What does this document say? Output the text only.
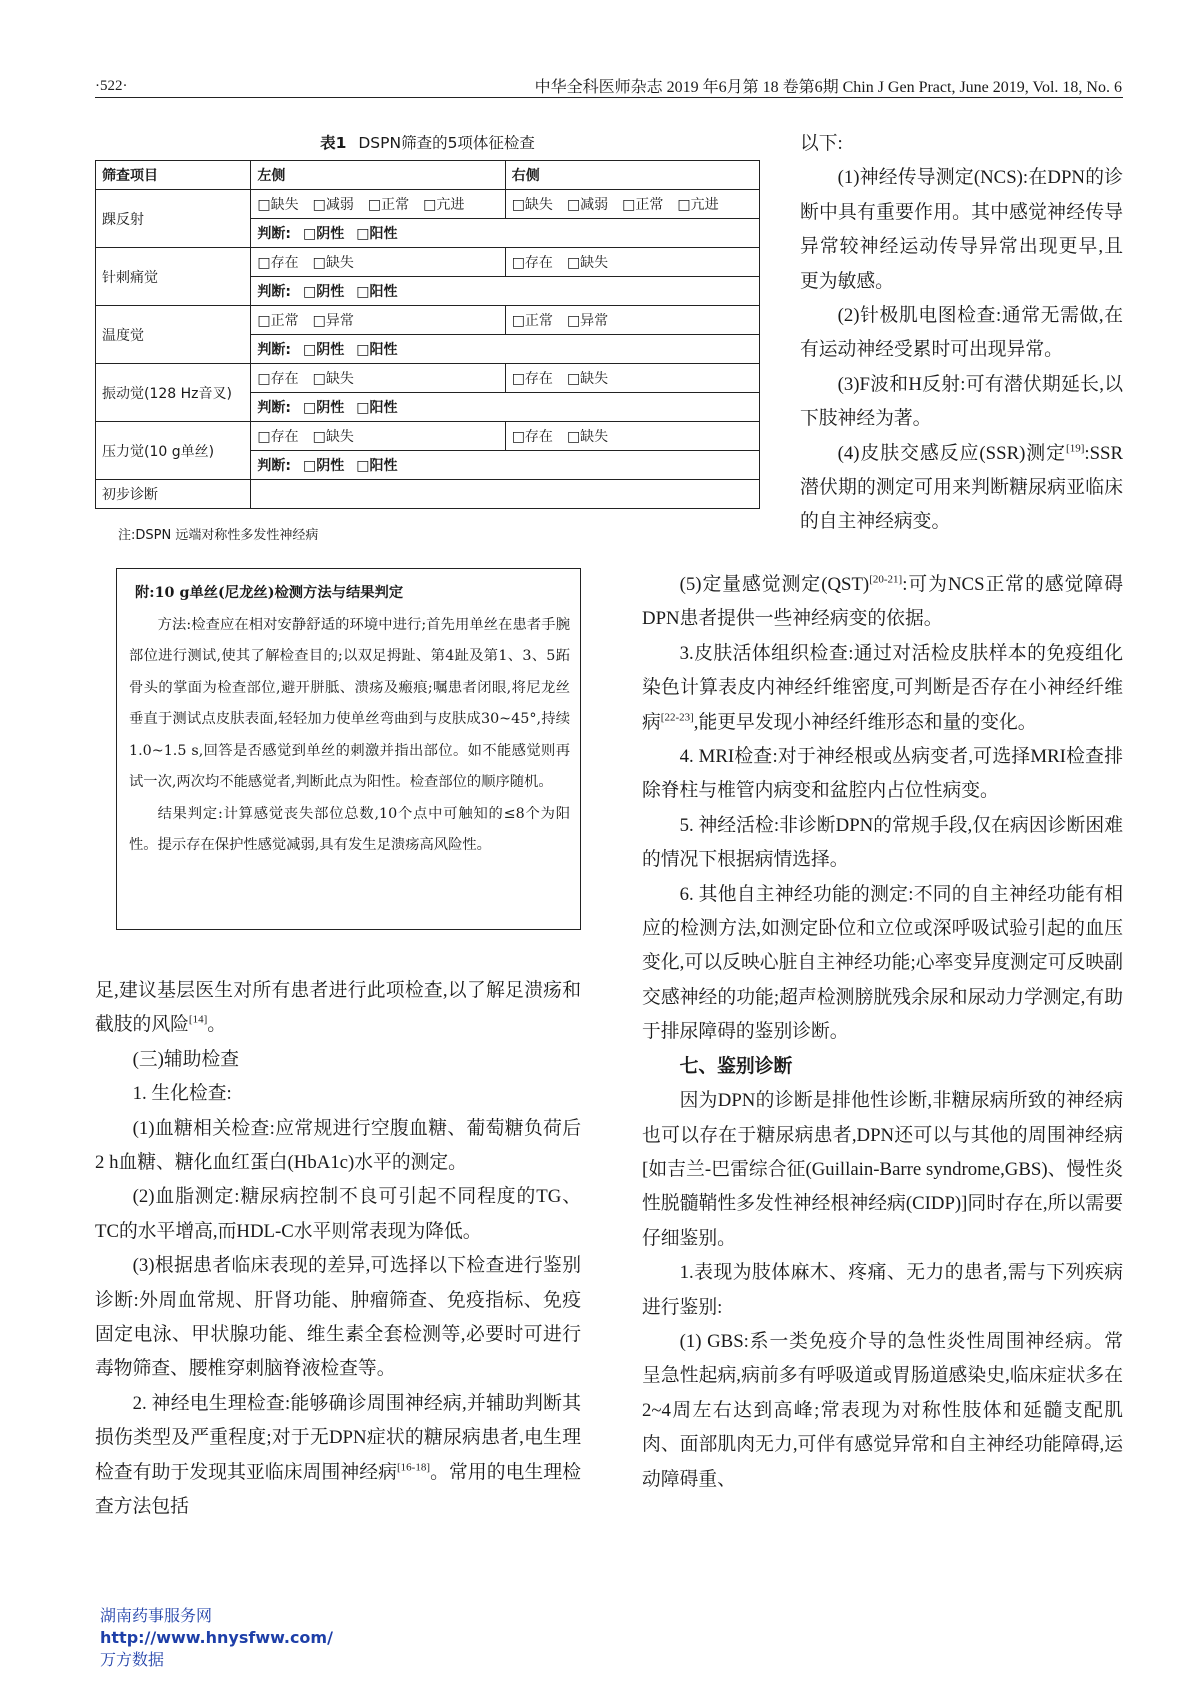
·522·	中华全科医师杂志 2019 年6月第 18 卷第6期 Chin J Gen Pract, June 2019, Vol. 18, No. 6
表1 DSPN筛查的5项体征检查
筛查项目	左侧	右侧
踝反射	□缺失 □减弱 □正常 □亢进	□缺失 □减弱 □正常 □亢进
	判断: □阴性 □阳性	
针刺痛觉	□存在 □缺失	□存在 □缺失
	判断: □阴性 □阳性	
温度觉	□正常 □异常	□正常 □异常
	判断: □阴性 □阳性	
振动觉(128 Hz音叉)	□存在 □缺失	□存在 □缺失
	判断: □阴性 □阳性	
压力觉(10 g单丝)	□存在 □缺失	□存在 □缺失
	判断: □阴性 □阳性	
初步诊断		
注:DSPN 远端对称性多发性神经病

附:10 g单丝(尼龙丝)检测方法与结果判定

方法:检查应在相对安静舒适的环境中进行;首先用单丝在患者手腕部位进行测试,使其了解检查目的;以双足拇趾、第4趾及第1、3、5跖骨头的掌面为检查部位,避开胼胝、溃疡及瘢痕;嘱患者闭眼,将尼龙丝垂直于测试点皮肤表面,轻轻加力使单丝弯曲到与皮肤成30~45°,持续1.0~1.5 s,回答是否感觉到单丝的刺激并指出部位。如不能感觉则再试一次,两次均不能感觉者,判断此点为阳性。检查部位的顺序随机。

结果判定:计算感觉丧失部位总数,10个点中可触知的≤8个为阳性。提示存在保护性感觉减弱,具有发生足溃疡高风险性。

足,建议基层医生对所有患者进行此项检查,以了解足溃疡和截肢的风险[14]。

(三)辅助检查

1. 生化检查:

(1)血糖相关检查:应常规进行空腹血糖、葡萄糖负荷后2 h血糖、糖化血红蛋白(HbA1c)水平的测定。

(2)血脂测定:糖尿病控制不良可引起不同程度的TG、TC的水平增高,而HDL-C水平则常表现为降低。

(3)根据患者临床表现的差异,可选择以下检查进行鉴别诊断:外周血常规、肝肾功能、肿瘤筛查、免疫指标、免疫固定电泳、甲状腺功能、维生素全套检测等,必要时可进行毒物筛查、腰椎穿刺脑脊液检查等。

2. 神经电生理检查:能够确诊周围神经病,并辅助判断其损伤类型及严重程度;对于无DPN症状的糖尿病患者,电生理检查有助于发现其亚临床周围神经病[16-18]。常用的电生理检查方法包括

以下:

(1)神经传导测定(NCS):在DPN的诊断中具有重要作用。其中感觉神经传导异常较神经运动传导异常出现更早,且更为敏感。

(2)针极肌电图检查:通常无需做,在有运动神经受累时可出现异常。

(3)F波和H反射:可有潜伏期延长,以下肢神经为著。

(4)皮肤交感反应(SSR)测定[19]:SSR潜伏期的测定可用来判断糖尿病亚临床的自主神经病变。

(5)定量感觉测定(QST)[20-21]:可为NCS正常的感觉障碍DPN患者提供一些神经病变的依据。

3.皮肤活体组织检查:通过对活检皮肤样本的免疫组化染色计算表皮内神经纤维密度,可判断是否存在小神经纤维病[22-23],能更早发现小神经纤维形态和量的变化。

4. MRI检查:对于神经根或丛病变者,可选择MRI检查排除脊柱与椎管内病变和盆腔内占位性病变。

5. 神经活检:非诊断DPN的常规手段,仅在病因诊断困难的情况下根据病情选择。

6. 其他自主神经功能的测定:不同的自主神经功能有相应的检测方法,如测定卧位和立位或深呼吸试验引起的血压变化,可以反映心脏自主神经功能;心率变异度测定可反映副交感神经的功能;超声检测膀胱残余尿和尿动力学测定,有助于排尿障碍的鉴别诊断。

七、鉴别诊断

因为DPN的诊断是排他性诊断,非糖尿病所致的神经病也可以存在于糖尿病患者,DPN还可以与其他的周围神经病[如吉兰-巴雷综合征(Guillain-Barre syndrome,GBS)、慢性炎性脱髓鞘性多发性神经根神经病(CIDP)]同时存在,所以需要仔细鉴别。

1.表现为肢体麻木、疼痛、无力的患者,需与下列疾病进行鉴别:

(1) GBS:系一类免疫介导的急性炎性周围神经病。常呈急性起病,病前多有呼吸道或胃肠道感染史,临床症状多在2~4周左右达到高峰;常表现为对称性肢体和延髓支配肌肉、面部肌肉无力,可伴有感觉异常和自主神经功能障碍,运动障碍重、

湖南药事服务网
http://www.hnysfww.com/
万方数据
